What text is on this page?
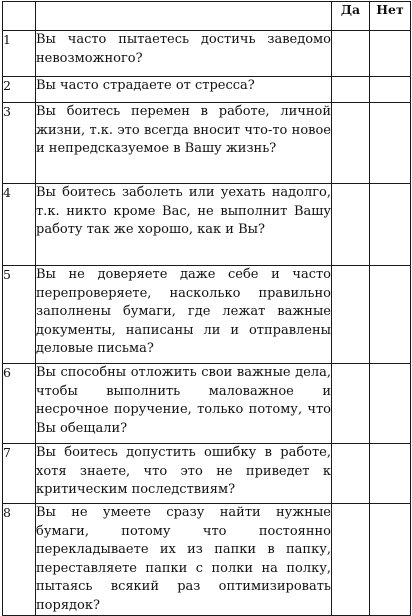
		Да	Нет
1	Вы часто пытаетесь достичь заведомо невозможного?		
2	Вы часто страдаете от стресса?		
3	Вы боитесь перемен в работе, личной жизни, т.к. это всегда вносит что-то новое и непредсказуемое в Вашу жизнь?		
4	Вы боитесь заболеть или уехать надолго, т.к. никто кроме Вас, не выполнит Вашу работу так же хорошо, как и Вы?		
5	Вы не доверяете даже себе и часто перепроверяете, насколько правильно заполнены бумаги, где лежат важные документы, написаны ли и отправлены деловые письма?		
6	Вы способны отложить свои важные дела, чтобы выполнить маловажное и несрочное поручение, только потому, что Вы обещали?		
7	Вы боитесь допустить ошибку в работе, хотя знаете, что это не приведет к критическим последствиям?		
8	Вы не умеете сразу найти нужные бумаги, потому что постоянно перекладываете их из папки в папку, переставляете папки с полки на полку, пытаясь всякий раз оптимизировать порядок?		
